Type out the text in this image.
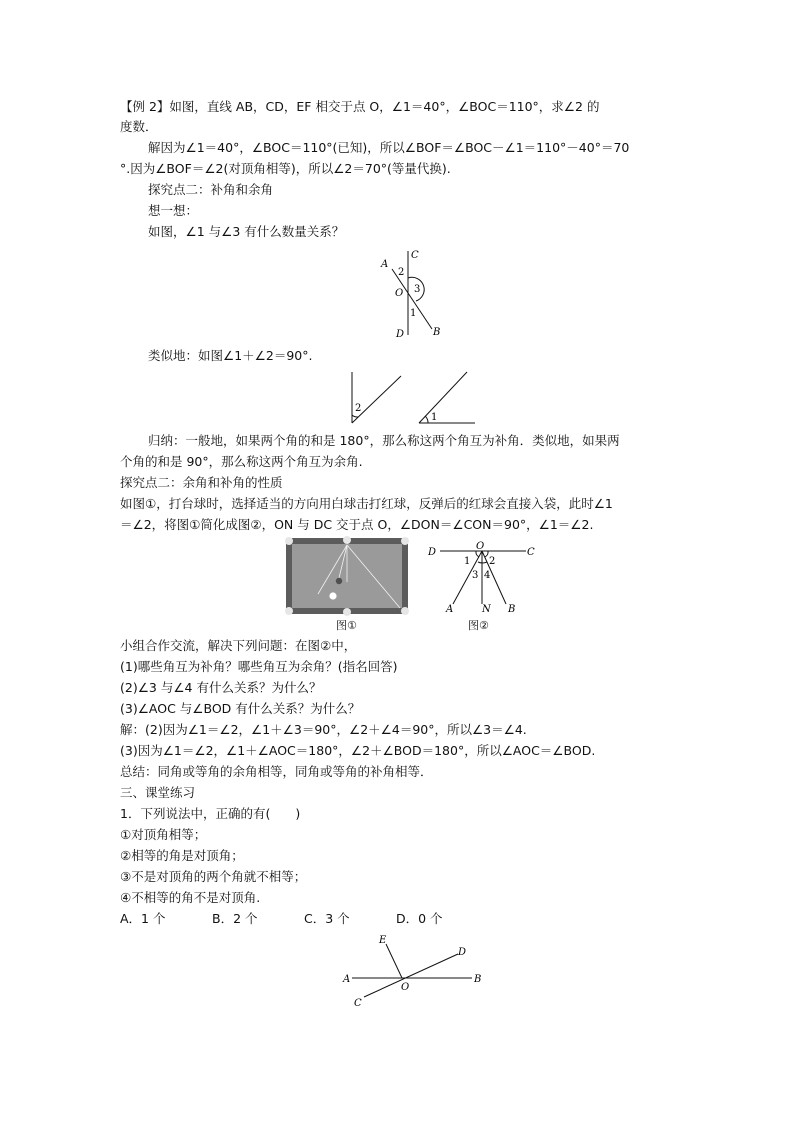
【例 2】如图，直线 AB，CD，EF 相交于点 O，∠1＝40°，∠BOC＝110°，求∠2 的
度数．
解因为∠1＝40°，∠BOC＝110°(已知)，所以∠BOF＝∠BOC－∠1＝110°－40°＝70
°.因为∠BOF＝∠2(对顶角相等)，所以∠2＝70°(等量代换).
探究点二：补角和余角
想一想：
如图，∠1 与∠3 有什么数量关系？
A
C
2
O 3
1
D	B
类似地：如图∠1＋∠2＝90°.
2
1
归纳：一般地，如果两个角的和是 180°，那么称这两个角互为补角．类似地，如果两
个角的和是 90°，那么称这两个角互为余角.
探究点二：余角和补角的性质
如图①，打台球时，选择适当的方向用白球击打红球，反弹后的红球会直接入袋，此时∠1
＝∠2，将图①简化成图②，ON 与 DC 交于点 O，∠DON＝∠CON＝90°，∠1＝∠2.
图①
D
O
C
1 2
3 4
A	N B
图②
小组合作交流，解决下列问题：在图②中，
(1)哪些角互为补角？哪些角互为余角？(指名回答)
(2)∠3 与∠4 有什么关系？为什么？
(3)∠AOC 与∠BOD 有什么关系？为什么？
解：(2)因为∠1＝∠2，∠1＋∠3＝90°，∠2＋∠4＝90°，所以∠3＝∠4.
(3)因为∠1＝∠2，∠1＋∠AOC＝180°，∠2＋∠BOD＝180°，所以∠AOC＝∠BOD.
总结：同角或等角的余角相等，同角或等角的补角相等．
三、课堂练习
1．下列说法中，正确的有(　　)
①对顶角相等；
②相等的角是对顶角；
③不是对顶角的两个角就不相等；
④不相等的角不是对顶角.
A．1 个	B．2 个	C．3 个	D．0 个
E
D
A
O
B
C
